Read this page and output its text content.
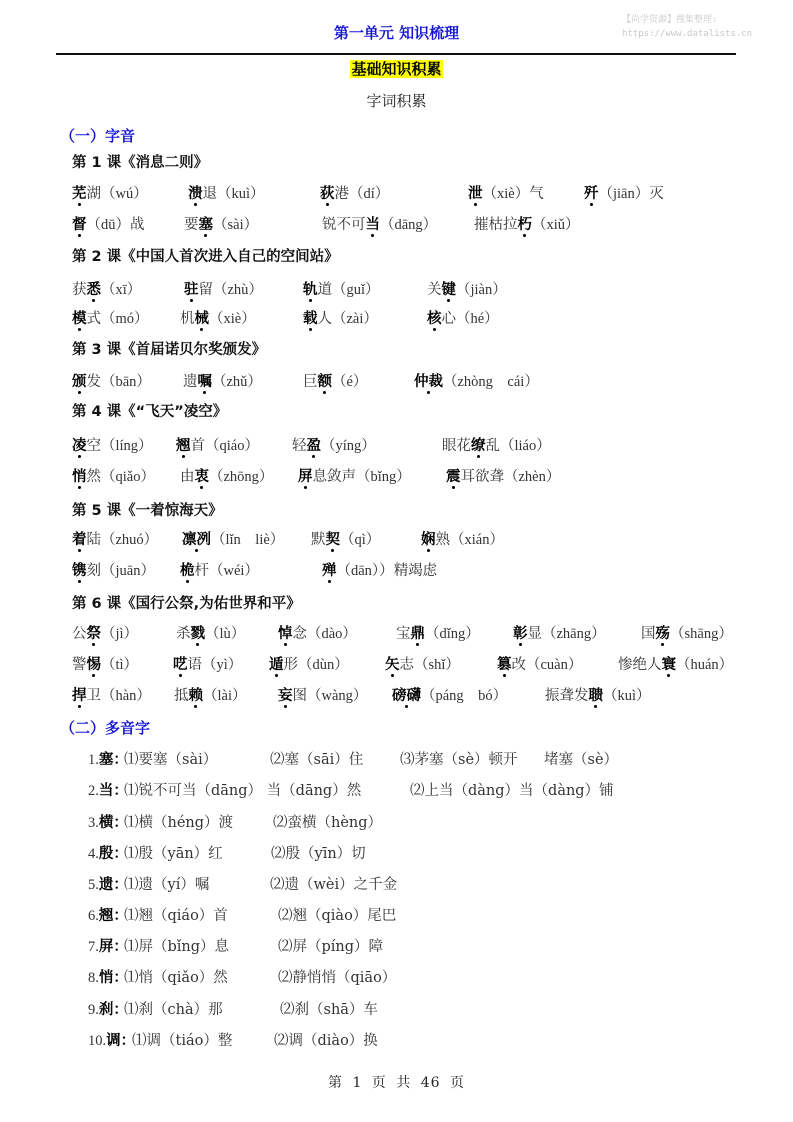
第一单元 知识梳理
【尚学资源】搜集整理:
https://www.datalists.cn
基础知识积累
字词积累
（一）字音
第 1 课《消息二则》
芜湖（wú）	溃退（kuì）	荻港（dí）	泄（xiè）气	歼（jiān）灭
督（dū）战	要塞（sài）	锐不可当（dāng）	摧枯拉朽（xiǔ）
第 2 课《中国人首次进入自己的空间站》
获悉（xī）	驻留（zhù）	轨道（guǐ）	关键（jiàn）
模式（mó） 机械（xiè）	载人（zài）	核心（hé）
第 3 课《首届诺贝尔奖颁发》
颁发（bān） 遗嘱（zhǔ）	巨额（é）	仲裁（zhòng　cái）
第 4 课《“飞天”凌空》
凌空（líng） 翘首（qiáo） 轻盈（yíng）	眼花缭乱（liáo）
悄然（qiǎo） 由衷（zhōng） 屏息敛声（bǐng） 震耳欲聋（zhèn）
第 5 课《一着惊海天》
着陆（zhuó） 凛冽（lǐn　liè） 默契（qì）	娴熟（xián）
镌刻（juān） 桅杆（wéi）	殚（dān））精竭虑
第 6 课《国行公祭,为佑世界和平》
公祭（jì）	杀戮（lù） 悼念（dào）	宝鼎（dǐng） 彰显（zhāng） 国殇（shāng）
警惕（tì） 呓语（yì） 遁形（dùn）	矢志（shǐ）	篡改（cuàn） 惨绝人寰（huán）
捍卫（hàn） 抵赖（lài） 妄图（wàng） 磅礴（páng　bó）	振聋发聩（kuì）
（二）多音字
1.塞：
⑴要塞（sài）	⑵塞（sāi）住	⑶茅塞（sè）顿开 堵塞（sè）
2.当：
⑴锐不可当（dāng） 当（dāng）然	⑵上当（dàng）当（dàng）铺
3.横：
⑴横（héng）渡	⑵蛮横（hèng）
4.殷：
⑴殷（yān）红	⑵殷（yīn）切
5.遗：
⑴遗（yí）嘱	⑵遗（wèi）之千金
6.翘：
⑴翘（qiáo）首	⑵翘（qiào）尾巴
7.屏：
⑴屏（bǐng）息	⑵屏（píng）障
8.悄：
⑴悄（qiǎo）然	⑵静悄悄（qiāo）
9.刹：
⑴刹（chà）那	⑵刹（shā）车
10.调：
⑴调（tiáo）整	⑵调（diào）换
第 1 页 共 46 页
